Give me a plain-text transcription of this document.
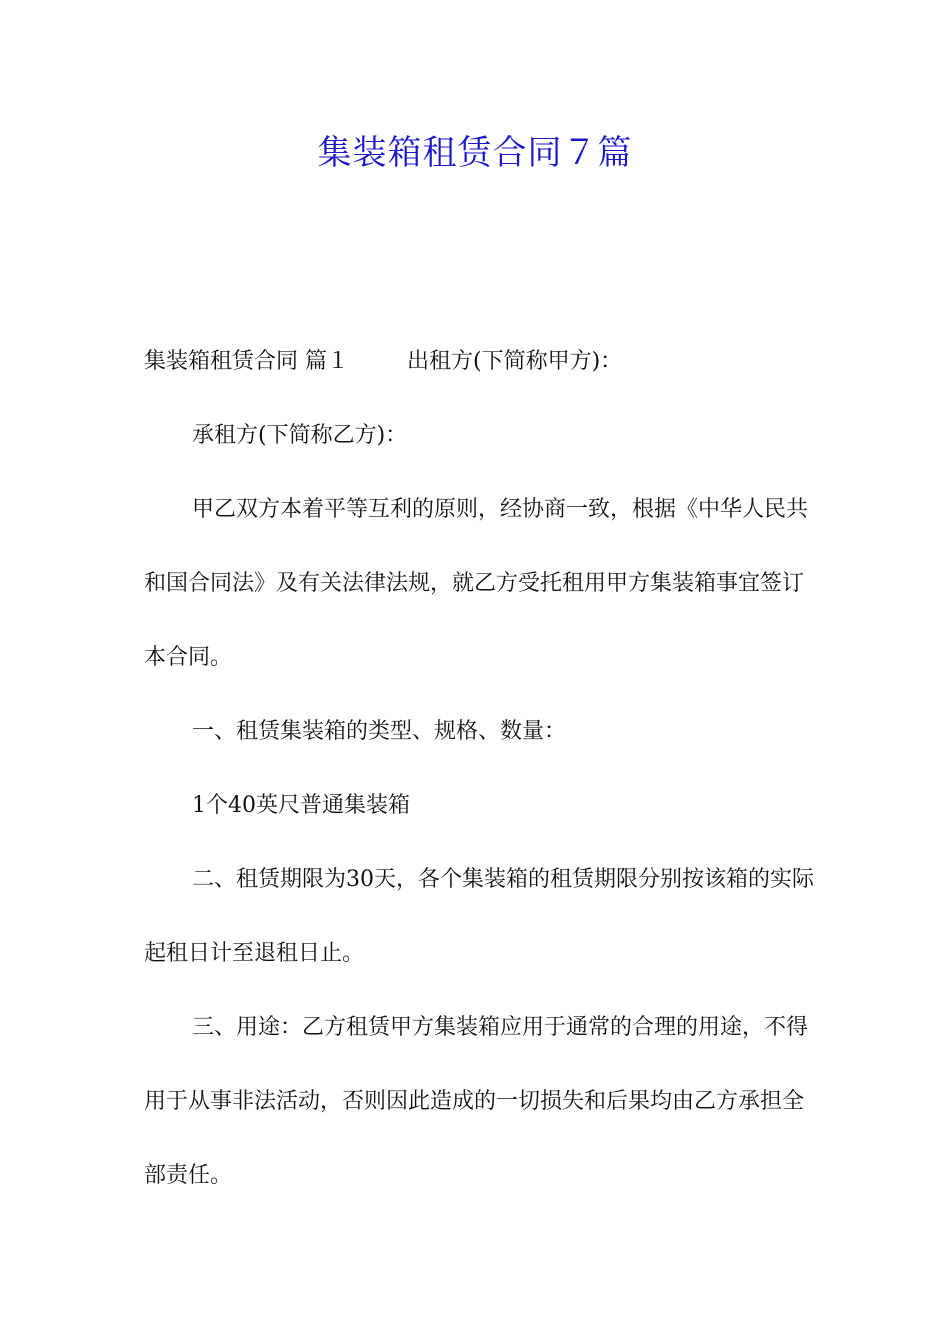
集装箱租赁合同７篇

集装箱租赁合同 篇１	出租方(下简称甲方)：

承租方(下简称乙方)：

甲乙双方本着平等互利的原则，经协商一致，根据《中华人民共和国合同法》及有关法律法规，就乙方受托租用甲方集装箱事宜签订本合同。

一、租赁集装箱的类型、规格、数量：

1个40英尺普通集装箱

二、租赁期限为30天，各个集装箱的租赁期限分别按该箱的实际起租日计至退租日止。

三、用途：乙方租赁甲方集装箱应用于通常的合理的用途，不得用于从事非法活动，否则因此造成的一切损失和后果均由乙方承担全部责任。
